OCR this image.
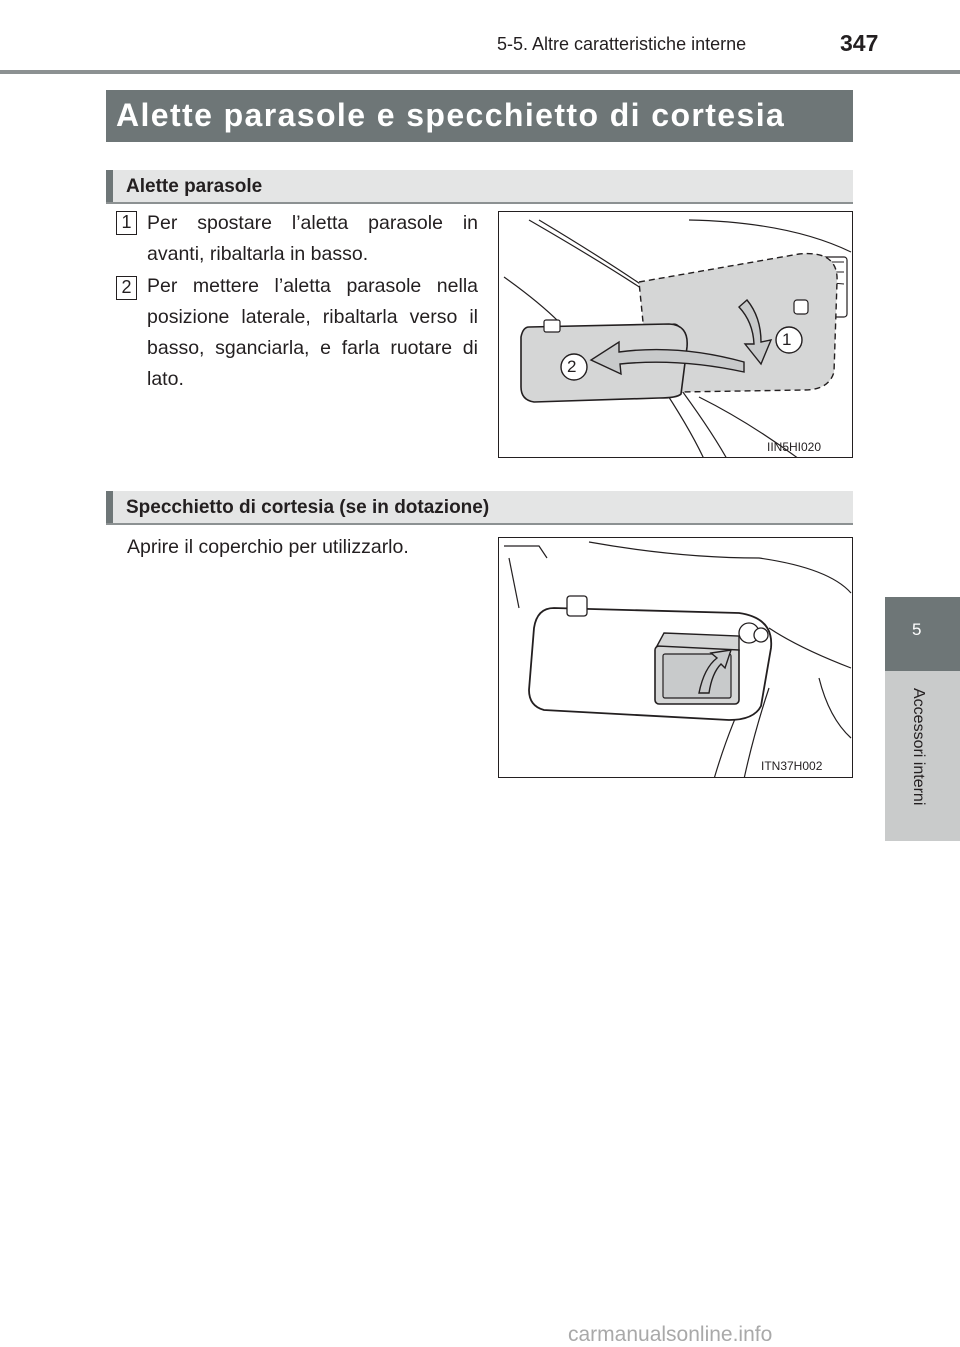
5-5. Altre caratteristiche interne	347
Alette parasole e specchietto di cortesia
Alette parasole
1 Per spostare l’aletta parasole in avanti, ribaltarla in basso.
2 Per mettere l’aletta parasole nella posizione laterale, ribaltarla verso il basso, sganciarla, e farla ruotare di lato.
1
2
IIN5HI020
Specchietto di cortesia (se in dotazione)
Aprire il coperchio per utilizzarlo.
ITN37H002
5
Accessori interni
carmanualsonline.info
